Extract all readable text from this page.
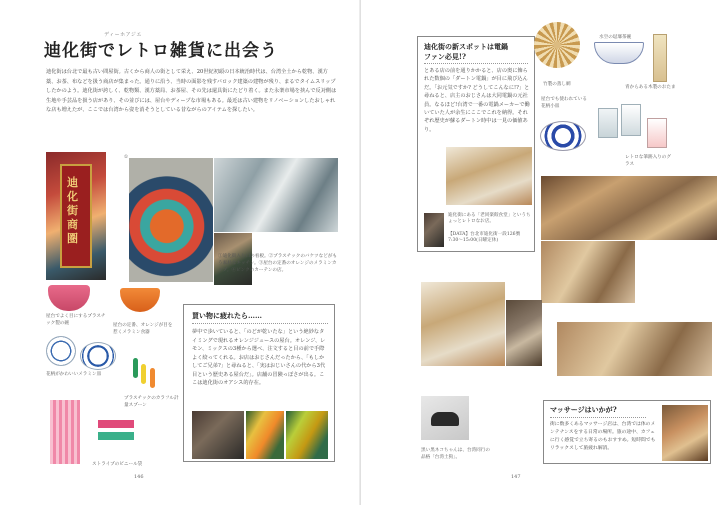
ディーホアジエ
迪化街でレトロ雑貨に出会う
迪化街は台北で最も古い問屋街。古くから商人の街として栄え、20世紀初頭の日本統治時代は、台湾全土から乾物、漢方薬、お茶、布などを扱う商店が集まった。通りに沿う、当時の面影を残すバロック建築の建物が残り、まるでタイムスリップしたかのよう。迪化街が誇しく、乾物類、漢方薬局、お茶屋、その先は還具街にたどり着く。また永楽市場を挟んで反対側は生地や手芸品を扱う店があり、その並びには、屋台やディープな市場もある。最近は古い建物をリノベーションしたおしゃれな店も増えたが、ここでは台湾から姿を消そうとしている昔ながらのアイテムを探したい。
迪
化
街
商
圏
①
①迪化街入り口の看板。②プラスチックのバケツなどがもう素朴なキッチン。③屋台の定番のオレンジのメラミンカップ。④ピンクのカーテンの店。
屋台でよく目にするプラスチック製の碗	屋台の定番、オレンジが目を惹くメラミン食器
花柄がかわいいメラミン皿
プラスチックのカラフル計量スプーン
ストライプのビニール袋
買い物に疲れたら……
夢中で歩いていると、「のどが乾いたな」という絶妙なタイミングで現れるオレンジジュースの屋台。オレンジ、レモン、ミックスの3種から選べ、注文すると目の前で手際よく絞ってくれる。お店はおじさんだったから、「もしかしてご兄弟?」と尋ねると、「実はおじいさんの代から3代目という歴史ある屋台だ」。店舗の冒険っぽさが出る。ここは迪化街のオアシス的存在。
146
迪化街の新スポットは電鍋ファン必見!?
とある店の前を通りかかると、店の奥に飾られた数個の「ダートン電鍋」が目に飛び込んだ。「お元気ですか? どうしてこんなに!?」と尋ねると、店主のおじさんは大同電鍋の元社員。なるほど!台湾で一番の電鍋メーカーで働いていた人が余生にここでこれを納得。それぞれ歴史が蘇るダートン時中は一見の価値あり。
迪化街にある「老同楽餃食堂」というちょっとレトロなお店。
【DATA】台北市迪化街一段126號 7:30〜15:00(日曜定休)
竹製の蒸し網
水空の琺瑯茶碗
青からある木製のおたま
屋台でも使われている花柄小皿
レトロな筆跡入りのグラス
黒い黒ネコちゃんは、台湾同行の品格「台湾土狗」。
マッサージはいかが?
街に数多くあるマッサージ店は、台湾では体のメンテナンスをする日常の場所。旅の途中、カフェに行く感覚で立ち寄るのもおすすめ。短時間でもリラックスして旅疲れ解消。
147
